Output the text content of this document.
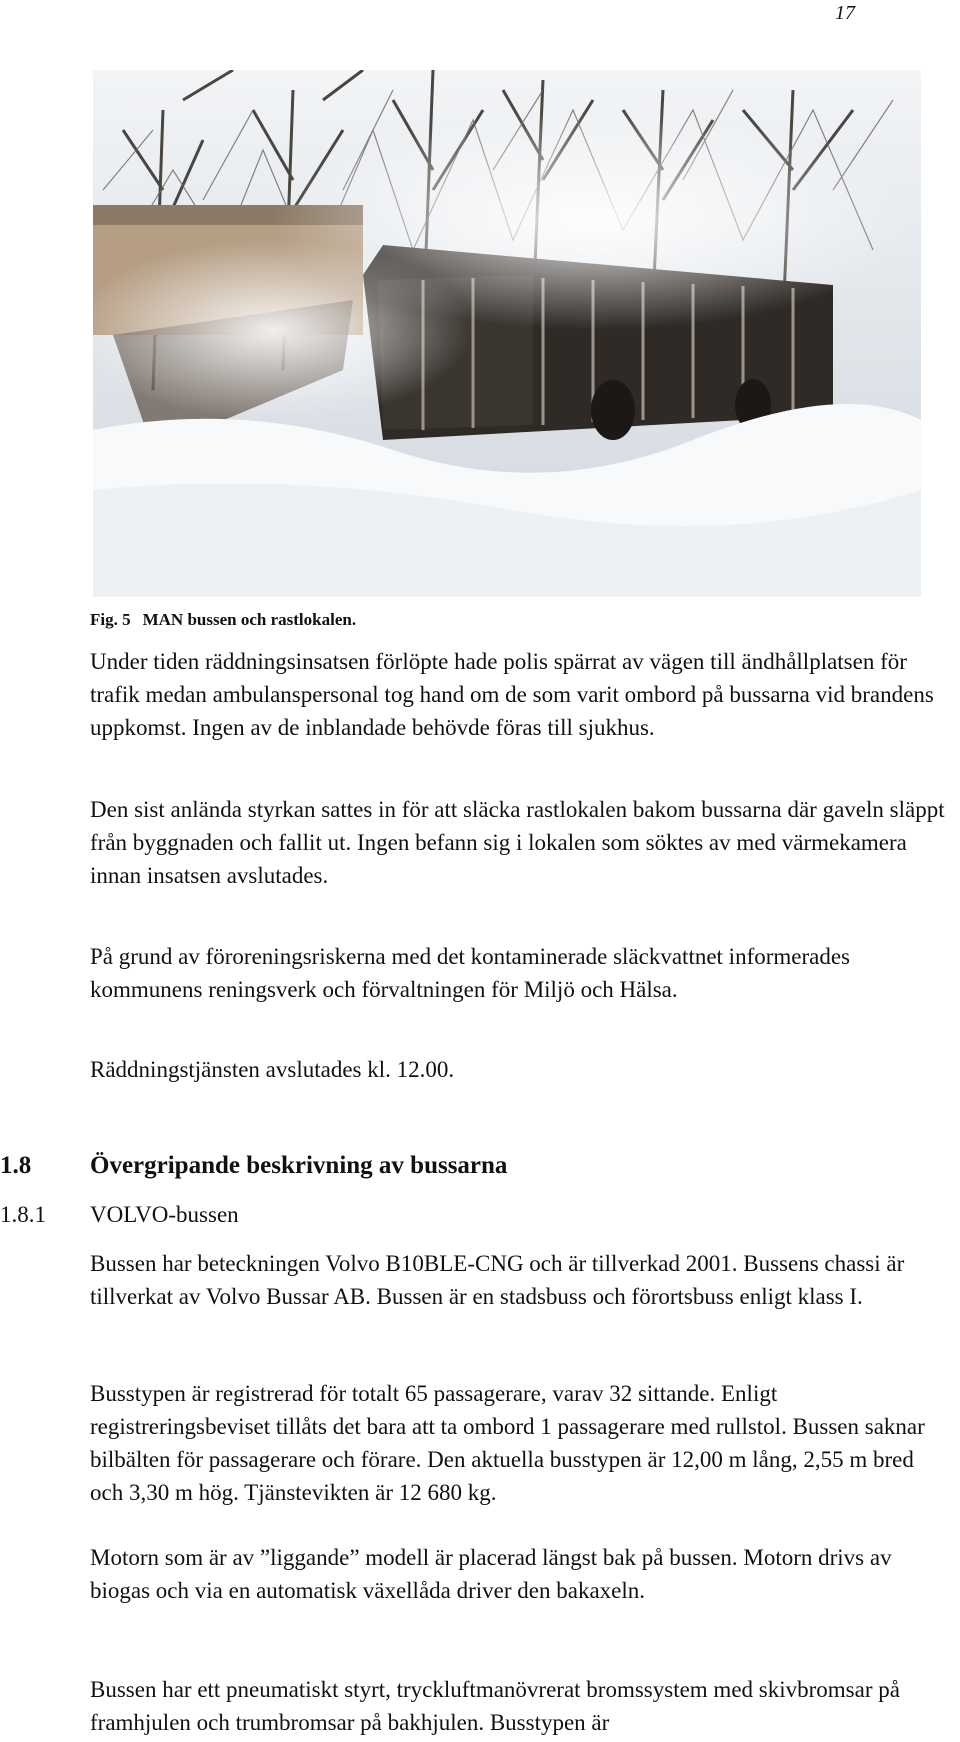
17
Fig. 5 MAN bussen och rastlokalen.
Under tiden räddningsinsatsen förlöpte hade polis spärrat av vägen till ändhållplatsen för trafik medan ambulanspersonal tog hand om de som varit ombord på bussarna vid brandens uppkomst. Ingen av de inblandade behövde föras till sjukhus.
Den sist anlända styrkan sattes in för att släcka rastlokalen bakom bussarna där gaveln släppt från byggnaden och fallit ut. Ingen befann sig i lokalen som söktes av med värmekamera innan insatsen avslutades.
På grund av föroreningsriskerna med det kontaminerade släckvattnet informerades kommunens reningsverk och förvaltningen för Miljö och Hälsa.
Räddningstjänsten avslutades kl. 12.00.
1.8 Övergripande beskrivning av bussarna
1.8.1 VOLVO-bussen
Bussen har beteckningen Volvo B10BLE-CNG och är tillverkad 2001. Bussens chassi är tillverkat av Volvo Bussar AB. Bussen är en stadsbuss och förortsbuss enligt klass I.
Busstypen är registrerad för totalt 65 passagerare, varav 32 sittande. Enligt registreringsbeviset tillåts det bara att ta ombord 1 passagerare med rullstol. Bussen saknar bilbälten för passagerare och förare. Den aktuella busstypen är 12,00 m lång, 2,55 m bred och 3,30 m hög. Tjänstevikten är 12 680 kg.
Motorn som är av ”liggande” modell är placerad längst bak på bussen. Motorn drivs av biogas och via en automatisk växellåda driver den bakaxeln.
Bussen har ett pneumatiskt styrt, tryckluftmanövrerat bromssystem med skivbromsar på framhjulen och trumbromsar på bakhjulen. Busstypen är
